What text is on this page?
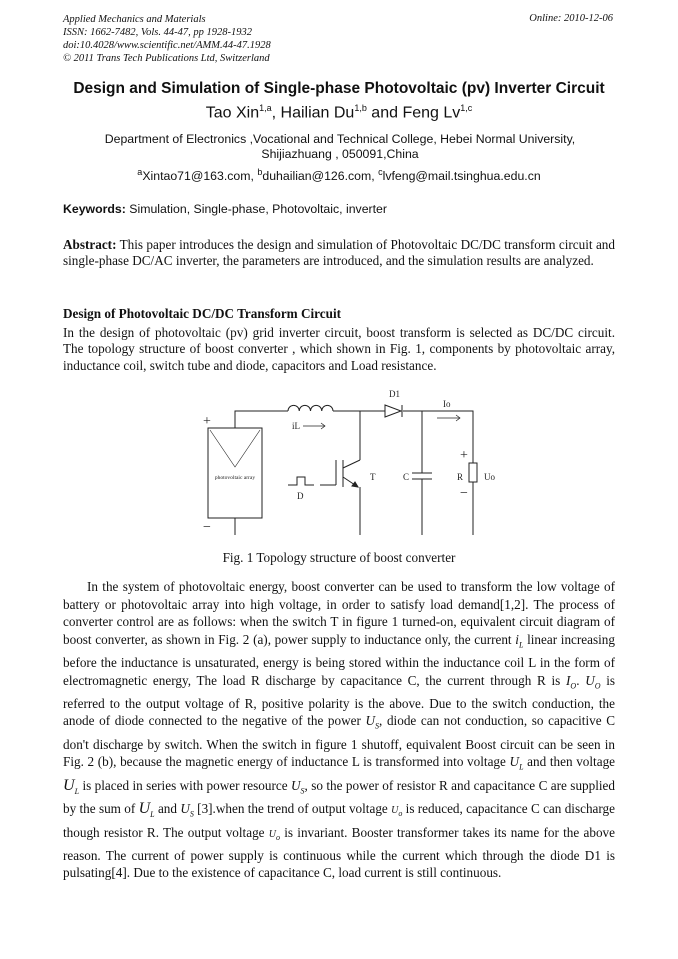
Applied Mechanics and Materials
ISSN: 1662-7482, Vols. 44-47, pp 1928-1932
doi:10.4028/www.scientific.net/AMM.44-47.1928
© 2011 Trans Tech Publications Ltd, Switzerland
Online: 2010-12-06
Design and Simulation of Single-phase Photovoltaic (pv) Inverter Circuit
Tao Xin$^{1,a}$, Hailian Du$^{1,b}$ and Feng Lv$^{1,c}$
Department of Electronics ,Vocational and Technical College, Hebei Normal University,
Shijiazhuang , 050091,China
$^a$Xintao71@163.com, $^b$duhailian@126.com, $^c$lvfeng@mail.tsinghua.edu.cn
Keywords: Simulation, Single-phase, Photovoltaic, inverter
Abstract: This paper introduces the design and simulation of Photovoltaic DC/DC transform circuit and single-phase DC/AC inverter, the parameters are introduced, and the simulation results are analyzed.
Design of Photovoltaic DC/DC Transform Circuit
In the design of photovoltaic (pv) grid inverter circuit, boost transform is selected as DC/DC circuit. The topology structure of boost converter , which shown in Fig. 1, components by photovoltaic array, inductance coil, switch tube and diode, capacitors and Load resistance.
D1
Io
iL
photovoltaic array	T	C	R Uo
D
+
−
+
−
Fig. 1 Topology structure of boost converter
In the system of photovoltaic energy, boost converter can be used to transform the low voltage of battery or photovoltaic array into high voltage, in order to satisfy load demand[1,2]. The process of converter control are as follows: when the switch T in figure 1 turned-on, equivalent circuit diagram of boost converter, as shown in Fig. 2 (a), power supply to inductance only, the current $i_L$ linear increasing before the inductance is unsaturated, energy is being stored within the inductance coil L in the form of electromagnetic energy, The load R discharge by capacitance C, the current through R is $I_O$. $U_O$ is referred to the output voltage of R, positive polarity is the above. Due to the switch conduction, the anode of diode connected to the negative of the power $U_S$, diode can not conduction, so capacitive C don't discharge by switch. When the switch in figure 1 shutoff, equivalent Boost circuit can be seen in Fig. 2 (b), because the magnetic energy of inductance L is transformed into voltage $U_L$ and then voltage $U_L$ is placed in series with power resource $U_S$, so the power of resistor R and capacitance C are supplied by the sum of $U_L$ and $U_S$ [3].when the trend of output voltage $U_o$ is reduced, capacitance C can discharge though resistor R. The output voltage $U_o$ is invariant. Booster transformer takes its name for the above reason. The current of power supply is continuous while the current which through the diode D1 is pulsating[4]. Due to the existence of capacitance C, load current is still continuous.
